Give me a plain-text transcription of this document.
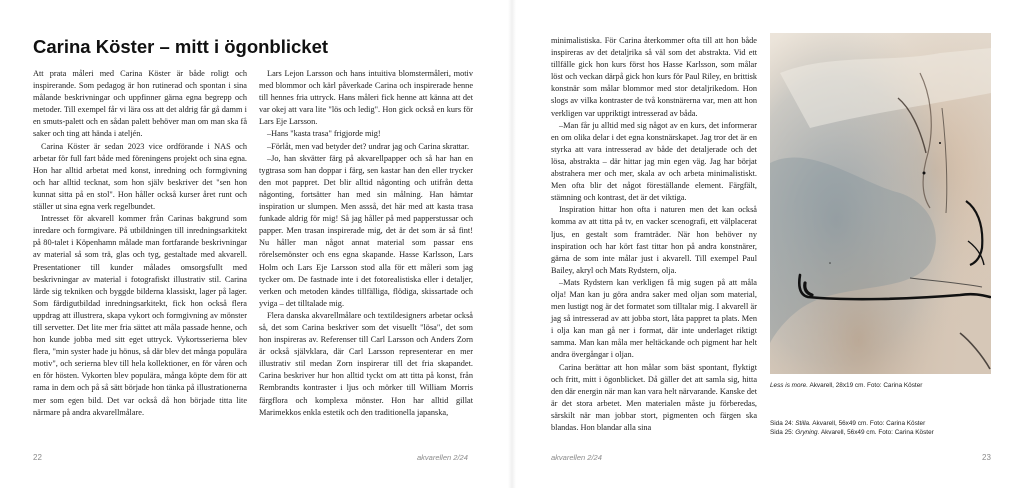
Carina Köster – mitt i ögonblicket

Att prata måleri med Carina Köster är både roligt och inspirerande. Som pedagog är hon rutinerad och spontan i sina målande beskrivningar och uppfinner gärna egna begrepp och metoder. Till exempel får vi lära oss att det aldrig får gå damm i en smuts-palett och en sådan palett behöver man om man ska få saker och ting att hända i ateljén.

Carina Köster är sedan 2023 vice ordförande i NAS och arbetar för full fart både med föreningens projekt och sina egna. Hon har alltid arbetat med konst, inredning och formgivning och har alltid tecknat, som hon själv beskriver det "sen hon kunnat sitta på en stol". Hon håller också kurser året runt och ställer ut sina egna verk regelbundet.

Intresset för akvarell kommer från Carinas bakgrund som inredare och formgivare. På utbildningen till inredningsarkitekt på 80-talet i Köpenhamn målade man fortfarande beskrivningar av material så som trä, glas och tyg, gestaltade med akvarell. Presentationer till kunder målades omsorgsfullt med beskrivningar av material i fotografiskt illustrativ stil. Carina lärde sig tekniken och byggde bilderna klassiskt, lager på lager. Som färdigutbildad inredningsarkitekt, fick hon också flera uppdrag att illustrera, skapa vykort och formgivning av mönster till servetter. Det lite mer fria sättet att måla passade henne, och hon kunde jobba med sitt eget uttryck. Vykortsserierna blev flera, "min syster hade ju hönus, så där blev det många populära motiv", och serierna blev till hela kollektioner, en för våren och en för hösten. Vykorten blev populära, många köpte dem för att rama in dem och på så sätt började hon tänka på illustrationerna mer som egen bild. Det var också då hon började titta lite närmare på andra akvarellmålare.

Lars Lejon Larsson och hans intuitiva blomstermåleri, motiv med blommor och kärl påverkade Carina och inspirerade henne till hennes fria uttryck. Hans måleri fick henne att känna att det var okej att vara lite "lös och ledig". Hon gick också en kurs för Lars Eje Larsson.

–Hans "kasta trasa" frigjorde mig!

–Förlåt, men vad betyder det? undrar jag och Carina skrattar.

–Jo, han skvätter färg på akvarellpapper och så har han en tygtrasa som han doppar i färg, sen kastar han den eller trycker den mot pappret. Det blir alltid någonting och utifrån detta någonting, fortsätter han med sin målning. Han hämtar inspiration ur slumpen. Men assså, det här med att kasta trasa funkade aldrig för mig! Så jag håller på med papperstussar och papper. Men trasan inspirerade mig, det är det som är så fint! Nu håller man något annat material som passar ens rörelsemönster och ens egna skapande. Hasse Karlsson, Lars Holm och Lars Eje Larsson stod alla för ett måleri som jag tycker om. De fastnade inte i det fotorealistiska eller i detaljer, verken och metoden kändes tillfälliga, flödiga, skissartade och yviga – det tilltalade mig.

Flera danska akvarellmålare och textildesigners arbetar också så, det som Carina beskriver som det visuellt "lösa", det som hon inspireras av. Referenser till Carl Larsson och Anders Zorn är också självklara, där Carl Larsson representerar en mer illustrativ stil medan Zorn inspirerar till det fria skapandet. Carina beskriver hur hon alltid tyckt om att titta på konst, från Rembrandts kontraster i ljus och mörker till William Morris färgflora och komplexa mönster. Hon har alltid gillat Marimekkos enkla estetik och den traditionella japanska,

22	akvarellen 2/24	akvarellen 2/24	23

minimalistiska. För Carina återkommer ofta till att hon både inspireras av det detaljrika så väl som det abstrakta. Vid ett tillfälle gick hon kurs först hos Hasse Karlsson, som målar löst och veckan därpå gick hon kurs för Paul Riley, en brittisk konstnär som målar blommor med stor detaljrikedom. Hon slogs av vilka kontraster de två konstnärerna var, men att hon verkligen var uppriktigt intresserad av båda.

–Man får ju alltid med sig något av en kurs, det informerar en om olika delar i det egna konstnärskapet. Jag tror det är en styrka att vara intresserad av både det detaljerade och det lösa, abstrakta – där hittar jag min egen väg. Jag har börjat abstrahera mer och mer, skala av och arbeta minimalistiskt. Men ofta blir det något föreställande element. Färgfält, stämning och kontrast, det är det viktiga.

Inspiration hittar hon ofta i naturen men det kan också komma av att titta på tv, en vacker scenografi, ett välplacerat ljus, en gestalt som framträder. När hon behöver ny inspiration och har kört fast tittar hon på andra konstnärer, gärna de som inte målar just i akvarell. Till exempel Paul Bailey, akryl och Mats Rydstern, olja.

–Mats Rydstern kan verkligen få mig sugen på att måla olja! Man kan ju göra andra saker med oljan som material, men lustigt nog är det formatet som tilltalar mig. I akvarell är jag så intresserad av att jobba stort, låta pappret ta plats. Men i olja kan man gå ner i format, där inte underlaget riktigt samma. Man kan måla mer heltäckande och pigment har helt andra övergångar i oljan.

Carina berättar att hon målar som bäst spontant, flyktigt och fritt, mitt i ögonblicket. Då gäller det att samla sig, hitta den där energin när man kan vara helt närvarande. Kanske det är det stora arbetet. Men materialen måste ju förberedas, särskilt när man jobbar stort, pigmenten och färgen ska blandas. Hon blandar alla sina

Less is more. Akvarell, 28x19 cm. Foto: Carina Köster
Sida 24: Stilla. Akvarell, 56x49 cm. Foto: Carina Köster
Sida 25: Gryning. Akvarell, 56x49 cm. Foto: Carina Köster
